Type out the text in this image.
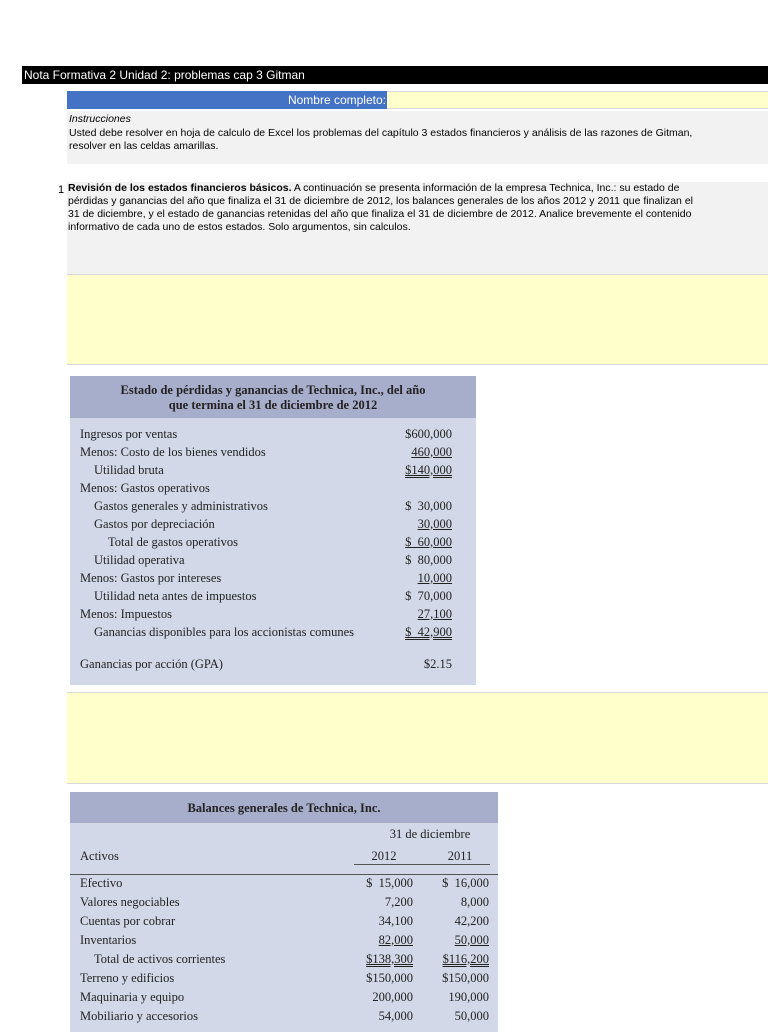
Nota Formativa 2 Unidad 2: problemas cap 3 Gitman
Nombre completo:
Instrucciones
Usted debe resolver en hoja de calculo de Excel los problemas del capítulo 3 estados financieros y análisis de las razones de Gitman, resolver en las celdas amarillas.
1 Revisión de los estados financieros básicos. A continuación se presenta información de la empresa Technica, Inc.: su estado de pérdidas y ganancias del año que finaliza el 31 de diciembre de 2012, los balances generales de los años 2012 y 2011 que finalizan el 31 de diciembre, y el estado de ganancias retenidas del año que finaliza el 31 de diciembre de 2012. Analice brevemente el contenido informativo de cada uno de estos estados. Solo argumentos, sin calculos.
Estado de pérdidas y ganancias de Technica, Inc., del año
que termina el 31 de diciembre de 2012
Ingresos por ventas	$600,000
Menos: Costo de los bienes vendidos	460,000
Utilidad bruta	$140,000
Menos: Gastos operativos
Gastos generales y administrativos	$  30,000
Gastos por depreciación	30,000
Total de gastos operativos	$  60,000
Utilidad operativa	$  80,000
Menos: Gastos por intereses	10,000
Utilidad neta antes de impuestos	$  70,000
Menos: Impuestos	27,100
Ganancias disponibles para los accionistas comunes	$  42,900
Ganancias por acción (GPA)	$2.15
Balances generales de Technica, Inc.
31 de diciembre
Activos	2012	2011
Efectivo	$  15,000 $  16,000
Valores negociables	7,200	8,000
Cuentas por cobrar	34,100	42,200
Inventarios	82,000	50,000
Total de activos corrientes	$138,300 $116,200
Terreno y edificios	$150,000 $150,000
Maquinaria y equipo	200,000	190,000
Mobiliario y accesorios	54,000	50,000
